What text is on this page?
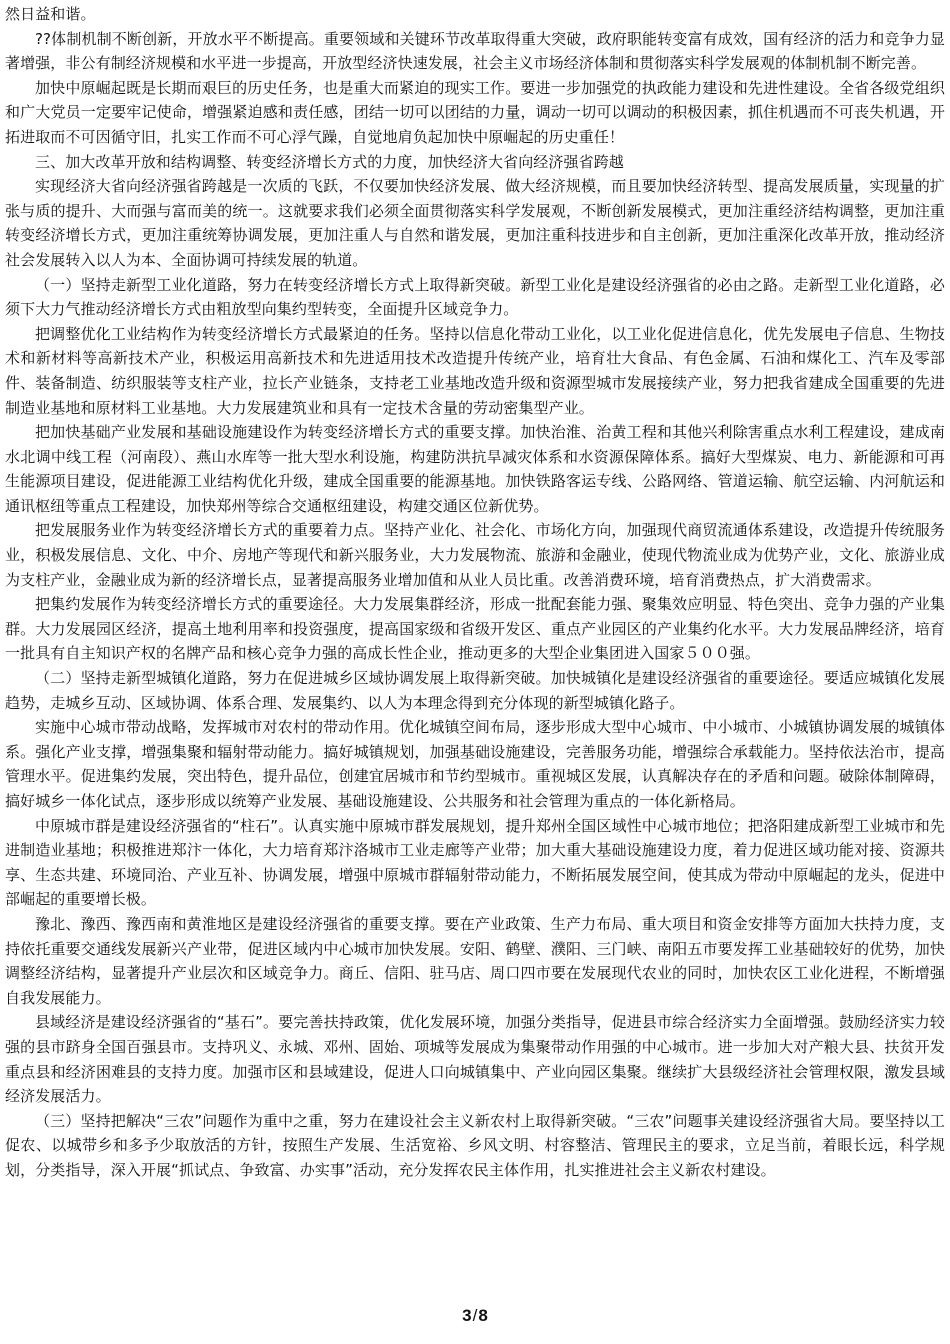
然日益和谐。

??体制机制不断创新，开放水平不断提高。重要领域和关键环节改革取得重大突破，政府职能转变富有成效，国有经济的活力和竞争力显著增强，非公有制经济规模和水平进一步提高，开放型经济快速发展，社会主义市场经济体制和贯彻落实科学发展观的体制机制不断完善。

加快中原崛起既是长期而艰巨的历史任务，也是重大而紧迫的现实工作。要进一步加强党的执政能力建设和先进性建设。全省各级党组织和广大党员一定要牢记使命，增强紧迫感和责任感，团结一切可以团结的力量，调动一切可以调动的积极因素，抓住机遇而不可丧失机遇，开拓进取而不可因循守旧，扎实工作而不可心浮气躁，自觉地肩负起加快中原崛起的历史重任！

三、加大改革开放和结构调整、转变经济增长方式的力度，加快经济大省向经济强省跨越

实现经济大省向经济强省跨越是一次质的飞跃，不仅要加快经济发展、做大经济规模，而且要加快经济转型、提高发展质量，实现量的扩张与质的提升、大而强与富而美的统一。这就要求我们必须全面贯彻落实科学发展观，不断创新发展模式，更加注重经济结构调整，更加注重转变经济增长方式，更加注重统筹协调发展，更加注重人与自然和谐发展，更加注重科技进步和自主创新，更加注重深化改革开放，推动经济社会发展转入以人为本、全面协调可持续发展的轨道。

（一）坚持走新型工业化道路，努力在转变经济增长方式上取得新突破。新型工业化是建设经济强省的必由之路。走新型工业化道路，必须下大力气推动经济增长方式由粗放型向集约型转变，全面提升区域竞争力。

把调整优化工业结构作为转变经济增长方式最紧迫的任务。坚持以信息化带动工业化，以工业化促进信息化，优先发展电子信息、生物技术和新材料等高新技术产业，积极运用高新技术和先进适用技术改造提升传统产业，培育壮大食品、有色金属、石油和煤化工、汽车及零部件、装备制造、纺织服装等支柱产业，拉长产业链条，支持老工业基地改造升级和资源型城市发展接续产业，努力把我省建成全国重要的先进制造业基地和原材料工业基地。大力发展建筑业和具有一定技术含量的劳动密集型产业。

把加快基础产业发展和基础设施建设作为转变经济增长方式的重要支撑。加快治淮、治黄工程和其他兴利除害重点水利工程建设，建成南水北调中线工程（河南段）、燕山水库等一批大型水利设施，构建防洪抗旱减灾体系和水资源保障体系。搞好大型煤炭、电力、新能源和可再生能源项目建设，促进能源工业结构优化升级，建成全国重要的能源基地。加快铁路客运专线、公路网络、管道运输、航空运输、内河航运和通讯枢纽等重点工程建设，加快郑州等综合交通枢纽建设，构建交通区位新优势。

把发展服务业作为转变经济增长方式的重要着力点。坚持产业化、社会化、市场化方向，加强现代商贸流通体系建设，改造提升传统服务业，积极发展信息、文化、中介、房地产等现代和新兴服务业，大力发展物流、旅游和金融业，使现代物流业成为优势产业，文化、旅游业成为支柱产业，金融业成为新的经济增长点，显著提高服务业增加值和从业人员比重。改善消费环境，培育消费热点，扩大消费需求。

把集约发展作为转变经济增长方式的重要途径。大力发展集群经济，形成一批配套能力强、聚集效应明显、特色突出、竞争力强的产业集群。大力发展园区经济，提高土地利用率和投资强度，提高国家级和省级开发区、重点产业园区的产业集约化水平。大力发展品牌经济，培育一批具有自主知识产权的名牌产品和核心竞争力强的高成长性企业，推动更多的大型企业集团进入国家５００强。

（二）坚持走新型城镇化道路，努力在促进城乡区域协调发展上取得新突破。加快城镇化是建设经济强省的重要途径。要适应城镇化发展趋势，走城乡互动、区域协调、体系合理、发展集约、以人为本理念得到充分体现的新型城镇化路子。

实施中心城市带动战略，发挥城市对农村的带动作用。优化城镇空间布局，逐步形成大型中心城市、中小城市、小城镇协调发展的城镇体系。强化产业支撑，增强集聚和辐射带动能力。搞好城镇规划，加强基础设施建设，完善服务功能，增强综合承载能力。坚持依法治市，提高管理水平。促进集约发展，突出特色，提升品位，创建宜居城市和节约型城市。重视城区发展，认真解决存在的矛盾和问题。破除体制障碍，搞好城乡一体化试点，逐步形成以统筹产业发展、基础设施建设、公共服务和社会管理为重点的一体化新格局。

中原城市群是建设经济强省的“柱石”。认真实施中原城市群发展规划，提升郑州全国区域性中心城市地位；把洛阳建成新型工业城市和先进制造业基地；积极推进郑汴一体化，大力培育郑汴洛城市工业走廊等产业带；加大重大基础设施建设力度，着力促进区域功能对接、资源共享、生态共建、环境同治、产业互补、协调发展，增强中原城市群辐射带动能力，不断拓展发展空间，使其成为带动中原崛起的龙头，促进中部崛起的重要增长极。

豫北、豫西、豫西南和黄淮地区是建设经济强省的重要支撑。要在产业政策、生产力布局、重大项目和资金安排等方面加大扶持力度，支持依托重要交通线发展新兴产业带，促进区域内中心城市加快发展。安阳、鹤壁、濮阳、三门峡、南阳五市要发挥工业基础较好的优势，加快调整经济结构，显著提升产业层次和区域竞争力。商丘、信阳、驻马店、周口四市要在发展现代农业的同时，加快农区工业化进程，不断增强自我发展能力。

县域经济是建设经济强省的“基石”。要完善扶持政策，优化发展环境，加强分类指导，促进县市综合经济实力全面增强。鼓励经济实力较强的县市跻身全国百强县市。支持巩义、永城、邓州、固始、项城等发展成为集聚带动作用强的中心城市。进一步加大对产粮大县、扶贫开发重点县和经济困难县的支持力度。加强市区和县域建设，促进人口向城镇集中、产业向园区集聚。继续扩大县级经济社会管理权限，激发县域经济发展活力。

（三）坚持把解决“三农”问题作为重中之重，努力在建设社会主义新农村上取得新突破。“三农”问题事关建设经济强省大局。要坚持以工促农、以城带乡和多予少取放活的方针，按照生产发展、生活宽裕、乡风文明、村容整洁、管理民主的要求，立足当前，着眼长远，科学规划，分类指导，深入开展“抓试点、争致富、办实事”活动，充分发挥农民主体作用，扎实推进社会主义新农村建设。

3/8
